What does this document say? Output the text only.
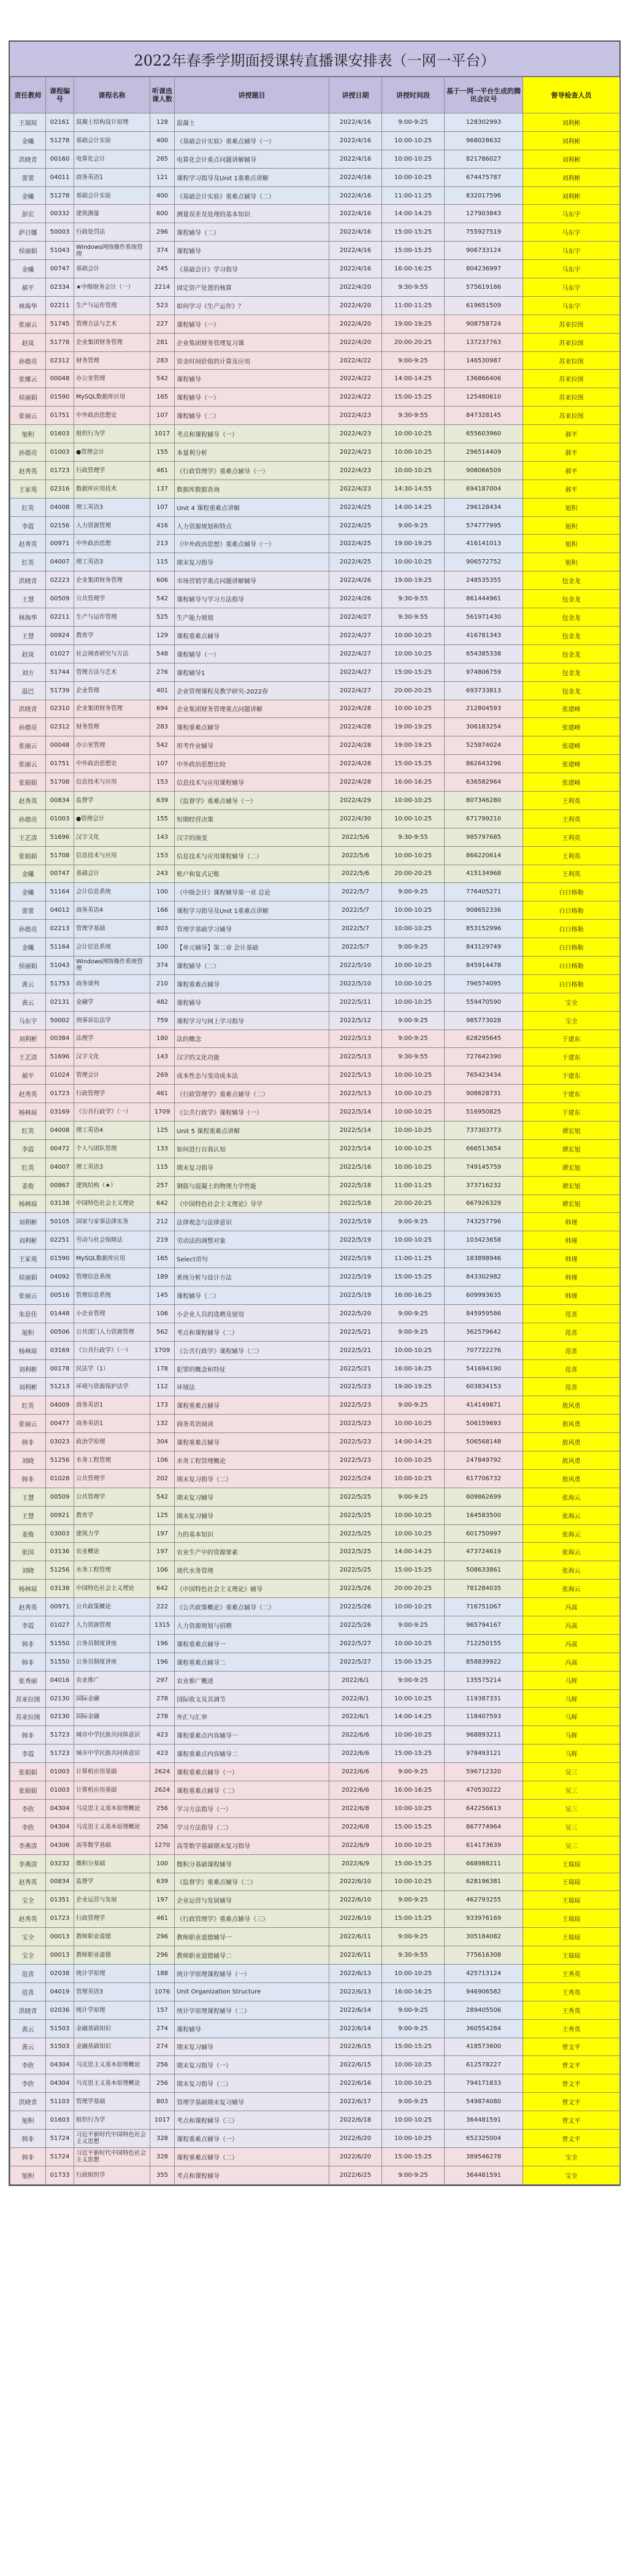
2022年春季学期面授课转直播课安排表（一网一平台）
责任教师	课程编号	课程名称	听课选课人数	讲授题目	讲授日期	讲授时间段	基于一网一平台生成的腾讯会议号	督导检查人员
王瑞琼	02161	混凝土结构设计原理	128	混凝土	2022/4/16	9:00-9:25	128302993	刘利彬
金曦	51278	基础会计实验	400	《基础会计实验》重难点辅导（一）	2022/4/16	10:00-10:25	968028632	刘利彬
洪晓青	00160	电算化会计	265	电算化会计重点问题讲解辅导	2022/4/16	10:00-10:25	821786027	刘利彬
蕾蕾	04011	商务英语1	121	课程学习指导及Unit 1重难点讲解	2022/4/16	10:00-10:25	674475787	刘利彬
金曦	51278	基础会计实验	400	《基础会计实验》重难点辅导（二）	2022/4/16	11:00-11:25	832017596	刘利彬
彭宏	00332	建筑测量	600	测量误差及处理的基本知识	2022/4/16	14:00-14:25	127903843	马东宇
萨日娜	50003	行政处罚法	296	课程辅导（二）	2022/4/16	15:00-15:25	755927519	马东宇
侯丽娟	51043	Windows网络操作系统管理	374	课程辅导	2022/4/16	15:00-15:25	906733124	马东宇
金曦	00747	基础会计	245	《基础会计》学习指导	2022/4/16	16:00-16:25	804236997	马东宇
郝平	02334	★中级财务会计（一）	2214	固定资产处置的核算	2022/4/20	9:30-9:55	575619186	马东宇
林海华	02211	生产与运作管理	523	如何学习《生产运作》？	2022/4/20	11:00-11:25	619651509	马东宇
张丽云	51745	管理方法与艺术	227	课程辅导（一）	2022/4/20	19:00-19:25	908758724	苏亚拉图
赵岚	51778	企业集团财务管理	281	企业集团财务管理复习课	2022/4/20	20:00-20:25	137237763	苏亚拉图
孙德亮	02312	财务管理	283	资金时间价值的计算及应用	2022/4/22	9:00-9:25	146530987	苏亚拉图
张娜云	00048	办公室管理	542	课程辅导	2022/4/22	14:00-14:25	136866406	苏亚拉图
侯丽娟	01590	MySQL数据库应用	165	课程辅导（一）	2022/4/22	15:00-15:25	125480610	苏亚拉图
张丽云	01751	中外政治思想史	107	课程辅导（二）	2022/4/23	9:30-9:55	847328145	苏亚拉图
旭积	01603	组织行为学	1017	考点和课程辅导（一）	2022/4/23	10:00-10:25	655603960	郝平
孙德亮	01003	●管理会计	155	本量利分析	2022/4/23	10:00-10:25	296514409	郝平
赵秀英	01723	行政管理学	461	《行政管理学》重难点辅导（一）	2022/4/23	10:00-10:25	908066509	郝平
王家苑	02316	数据库应用技术	137	数据库数据查询	2022/4/23	14:30-14:55	694187004	郝平
红英	04008	理工英语3	107	Unit 4 课程重难点讲解	2022/4/25	14:00-14:25	296128434	旭积
李霞	02156	人力资源管理	416	人力资源规划和特点	2022/4/25	9:00-9:25	574777995	旭积
赵秀英	00971	中外政治思想	213	《中外政治思想》重难点辅导（一）	2022/4/25	19:00-19:25	416141013	旭积
红英	04007	理工英语3	115	期末复习指导	2022/4/25	10:00-10:25	906572752	旭积
洪晓青	02223	企业集团财务管理	606	市场营销学重点问题讲解辅导	2022/4/26	19:00-19:25	248535355	包金龙
王慧	00509	公共管理学	542	课程辅导与学习方法指导	2022/4/26	9:30-9:55	861444961	包金龙
林海华	02211	生产与运作管理	525	生产能力规划	2022/4/27	9:30-9:55	561971430	包金龙
王慧	00924	教育学	129	课程重难点辅导	2022/4/27	10:00-10:25	416781343	包金龙
赵岚	01027	社会调查研究与方法	548	课程辅导（一）	2022/4/27	10:00-10:25	654385338	包金龙
刘方	51744	管理方法与艺术	276	课程辅导1	2022/4/27	15:00-15:25	974806759	包金龙
温巴	51739	企业管理	401	企业管理课程及教学研究-2022春	2022/4/27	20:00-20:25	693733813	包金龙
洪晓青	02310	企业集团财务管理	694	企业集团财务管理重点问题讲解	2022/4/28	10:00-10:25	212804593	张建峰
孙德亮	02312	财务管理	283	课程重难点辅导	2022/4/28	19:00-19:25	306183254	张建峰
张丽云	00048	办公室管理	542	形考作业辅导	2022/4/28	19:00-19:25	525874024	张建峰
张丽云	01751	中外政治思想史	107	中外政治思想比较	2022/4/28	15:00-15:25	862643296	张建峰
张娟娟	51708	信息技术与应用	153	信息技术与应用课程辅导	2022/4/28	16:00-16:25	636582964	张建峰
赵秀英	00834	监督学	639	《监督学》重难点辅导（一）	2022/4/29	10:00-10:25	807346280	王利英
孙德亮	01003	●管理会计	155	短期经营决策	2022/4/30	10:00-10:25	671799210	王利英
王艺清	51696	汉字文化	143	汉字的演变	2022/5/6	9:30-9:55	985797685	王利英
张娟娟	51708	信息技术与应用	153	信息技术与应用课程辅导（二）	2022/5/6	10:00-10:25	866220614	王利英
金曦	00747	基础会计	243	账户和复式记账	2022/5/6	20:00-20:25	415134968	王利英
金曦	51164	会计信息系统	100	《中级会计》课程辅导第一章 总论	2022/5/7	9:00-9:25	776405271	白日格勒
蕾蕾	04012	商务英语4	166	课程学习指导及Unit 1重难点讲解	2022/5/7	10:00-10:25	908652336	白日格勒
孙德亮	02213	管理学基础	803	管理学基础学习辅导	2022/5/7	10:00-10:25	853152996	白日格勒
金曦	51164	会计信息系统	100	【单元辅导】第二章 会计基础	2022/5/7	9:00-9:25	843129749	白日格勒
侯丽娟	51043	Windows网络操作系统管理	374	课程辅导（二）	2022/5/10	10:00-10:25	845914478	白日格勒
黄云	51753	商务谈判	210	课程重难点辅导	2022/5/10	10:00-10:25	796574095	白日格勒
黄云	02131	金融学	482	课程辅导	2022/5/11	10:00-10:25	559470590	宝全
马东宇	50002	刑事诉讼法学	759	课程学习与网上学习指导	2022/5/12	9:00-9:25	985773028	宝全
刘利彬	00384	法理学	180	法的概念	2022/5/13	9:00-9:25	628295645	于建东
王艺清	51696	汉字文化	143	汉字的文化功能	2022/5/13	9:30-9:55	727642390	于建东
郝平	01024	管理会计	269	成本性态与变动成本法	2022/5/13	10:00-10:25	765423434	于建东
赵秀英	01723	行政管理学	461	《行政管理学》重难点辅导（二）	2022/5/13	10:00-10:25	908628731	于建东
杨林琼	03169	《公共行政学》（一）	1709	《公共行政学》课程辅导（一）	2022/5/14	10:00-10:25	516950825	于建东
红英	04008	理工英语4	125	Unit 5 课程重难点讲解	2022/5/14	10:00-10:25	737303773	谭宏旭
李霞	00472	个人与团队管理	133	如何进行自我认知	2022/5/14	10:00-10:25	666513654	谭宏旭
红英	04007	理工英语3	115	期末复习指导	2022/5/16	10:00-10:25	749145759	谭宏旭
姜俊	00867	建筑结构（★）	257	钢筋与混凝土的物理力学性能	2022/5/18	11:00-11:25	373716232	谭宏旭
杨林琼	03138	中国特色社会主义理论	642	《中国特色社会主义理论》导学	2022/5/18	20:00-20:25	667926329	谭宏旭
刘利彬	50105	国家与家事法律实务	212	法律观念与法律意识	2022/5/19	9:00-9:25	743257796	韩瑾
刘利彬	02251	劳动与社会保障法	219	劳动法的调整对象	2022/5/19	10:00-10:25	103423658	韩瑾
王家苑	01590	MySQL数据库应用	165	Select语句	2022/5/19	11:00-11:25	183898946	韩瑾
侯丽娟	04092	管理信息系统	189	系统分析与设计方法	2022/5/19	15:00-15:25	843302982	韩瑾
张丽云	00516	管理信息系统	145	课程辅导（二）	2022/5/19	16:00-16:25	609993635	韩瑾
朱思佳	01448	小企业管理	106	小企业人员的选聘及留用	2022/5/20	9:00-9:25	845959586	范喜
旭积	00506	公共部门人力资源管理	562	考点和课程辅导（二）	2022/5/21	9:00-9:25	362579642	范喜
杨林琼	03169	《公共行政学》（一）	1709	《公共行政学》课程辅导（二）	2022/5/21	10:00-10:25	707722276	范喜
刘利彬	00178	民法学（1）	178	犯罪的概念和特征	2022/5/21	16:00-16:25	541694190	范喜
刘利彬	51213	环境与资源保护法学	112	环境法	2022/5/23	19:00-19:25	603834153	范喜
红英	04009	商务英语1	173	课程重难点辅导	2022/5/23	9:00-9:25	414149871	敖风勇
张丽云	00477	商务英语1	132	商务英语阅读	2022/5/23	10:00-10:25	506159693	敖风勇
韩非	03023	政治学原理	304	课程重难点辅导	2022/5/23	14:00-14:25	506568148	敖风勇
刘晓	51256	水务工程管理	106	水务工程管理概论	2022/5/23	10:00-10:25	247849792	敖风勇
韩非	01028	公共管理学	202	期末复习指导（二）	2022/5/24	10:00-10:25	617706732	敖风勇
王慧	00509	公共管理学	542	期末复习辅导	2022/5/25	9:00-9:25	609862699	张海云
王慧	00921	教育学	125	期末复习辅导	2022/5/25	10:00-10:25	164583500	张海云
姜俊	03003	建筑力学	197	力的基本知识	2022/5/25	10:00-10:25	601750997	张海云
张国	03136	农业概论	197	农业生产中的资源要素	2022/5/25	14:00-14:25	473724619	张海云
刘晓	51256	水务工程管理	106	现代水务管理	2022/5/25	15:00-15:25	508633861	张海云
杨林琼	03138	中国特色社会主义理论	642	《中国特色社会主义理论》辅导	2022/5/26	20:00-20:25	781284035	张海云
赵秀英	00971	公共政策概论	222	《公共政策概论》重难点辅导（二）	2022/5/26	10:00-10:25	716751067	冯嵩
李霞	01027	人力资源管理	1315	人力资源规划与招聘	2022/5/26	9:00-9:25	965794167	冯嵩
韩非	51550	公务员制度讲座	196	课程重难点辅导一	2022/5/27	10:00-10:25	712250155	冯嵩
韩非	51550	公务员制度讲座	196	课程重难点辅导二	2022/5/27	15:00-15:25	858839922	冯嵩
张秀丽	04016	农业推广	297	农业推广概述	2022/6/1	9:00-9:25	135575214	马辉
苏亚拉图	02130	国际金融	278	国际收支及其调节	2022/6/1	10:00-10:25	119387331	马辉
苏亚拉图	02130	国际金融	278	外汇与汇率	2022/6/1	14:00-14:25	118407593	马辉
韩非	51723	城市中学民族共同体意识	423	课程重难点内容辅导一	2022/6/6	10:00-10:25	968893211	马辉
李霞	51723	城市中学民族共同体意识	423	课程重难点内容辅导二	2022/6/6	15:00-15:25	978493121	马辉
张娟娟	01003	计算机应用基础	2624	课程重难点辅导（一）	2022/6/6	9:00-9:25	596712320	吴三
张娟娟	01003	计算机应用基础	2624	课程重难点辅导（二）	2022/6/6	16:00-16:25	470530222	吴三
李欣	04304	马克思主义基本原理概论	256	学习方法指导（一）	2022/6/8	10:00-10:25	642256613	吴三
李欣	04304	马克思主义基本原理概论	256	学习方法指导（二）	2022/6/8	15:00-15:25	867774964	吴三
李燕清	04306	高等数学基础	1270	高等数学基础期末复习指导	2022/6/9	10:00-10:25	614173639	吴三
李燕清	03232	微积分基础	100	微积分基础课程辅导	2022/6/9	15:00-15:25	668988211	王瑞琼
赵秀英	00834	监督学	639	《监督学》重难点辅导（二）	2022/6/10	10:00-10:25	628196381	王瑞琼
宝全	01351	企业运营与发展	197	企业运营与发展辅导	2022/6/10	9:00-9:25	462793255	王瑞琼
赵秀英	01723	行政管理学	461	《行政管理学》重难点辅导（三）	2022/6/10	15:00-15:25	933976169	王瑞琼
宝全	00013	教师职业道德	296	教师职业道德辅导一	2022/6/11	9:00-9:25	305184082	王瑞琼
宝全	00013	教师职业道德	296	教师职业道德辅导二	2022/6/11	9:30-9:55	775616308	王瑞琼
范喜	02038	统计学原理	188	统计学原理课程辅导（一）	2022/6/13	10:00-10:25	425713124	王秀英
范喜	04019	管理英语3	1076	Unit Organization Structure	2022/6/13	16:00-16:25	946906582	王秀英
洪晓青	02036	统计学原理	157	统计学原理课程辅导（二）	2022/6/14	9:00-9:25	289405506	王秀英
黄云	51503	金融基础知识	274	课程辅导	2022/6/14	9:00-9:25	360554284	王秀英
黄云	51503	金融基础知识	274	期末复习辅导	2022/6/15	15:00-15:25	418573600	曾文平
李欣	04304	马克思主义基本原理概论	256	期末复习指导（一）	2022/6/15	10:00-10:25	612578227	曾文平
李欣	04304	马克思主义基本原理概论	256	期末复习指导（二）	2022/6/16	10:00-10:25	794171833	曾文平
洪晓青	51103	管理学基础	803	管理学基础期末复习辅导	2022/6/17	9:00-9:25	549874080	曾文平
旭积	01603	组织行为学	1017	考点和课程辅导（三）	2022/6/18	10:00-10:25	364481591	曾文平
韩非	51724	习近平新时代中国特色社会主义思想	328	课程重难点辅导（一）	2022/6/20	10:00-10:25	652325004	曾文平
韩非	51724	习近平新时代中国特色社会主义思想	328	课程重难点辅导（二）	2022/6/20	15:00-15:25	389546278	宝全
旭积	01733	行政组织学	355	考点和课程辅导	2022/6/25	9:00-9:25	364481591	宝全
